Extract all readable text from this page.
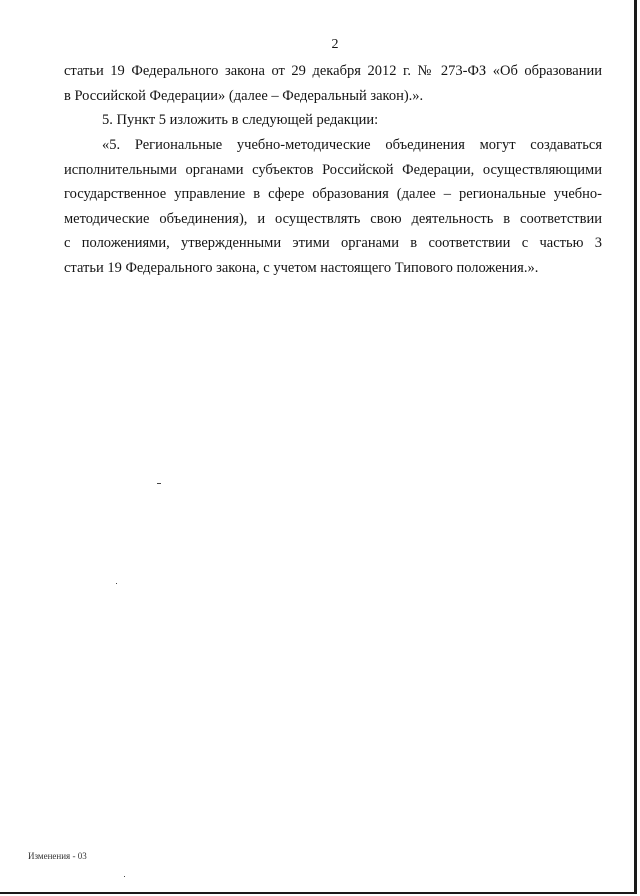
2
статьи 19 Федерального закона от 29 декабря 2012 г. № 273-ФЗ «Об образовании
в Российской Федерации» (далее – Федеральный закон).».
5. Пункт 5 изложить в следующей редакции:
«5. Региональные учебно-методические объединения могут создаваться
исполнительными органами субъектов Российской Федерации, осуществляющими
государственное управление в сфере образования (далее – региональные учебно-
методические объединения), и осуществлять свою деятельность в соответствии
с положениями, утвержденными этими органами в соответствии с частью 3
статьи 19 Федерального закона, с учетом настоящего Типового положения.».
Изменения - 03
